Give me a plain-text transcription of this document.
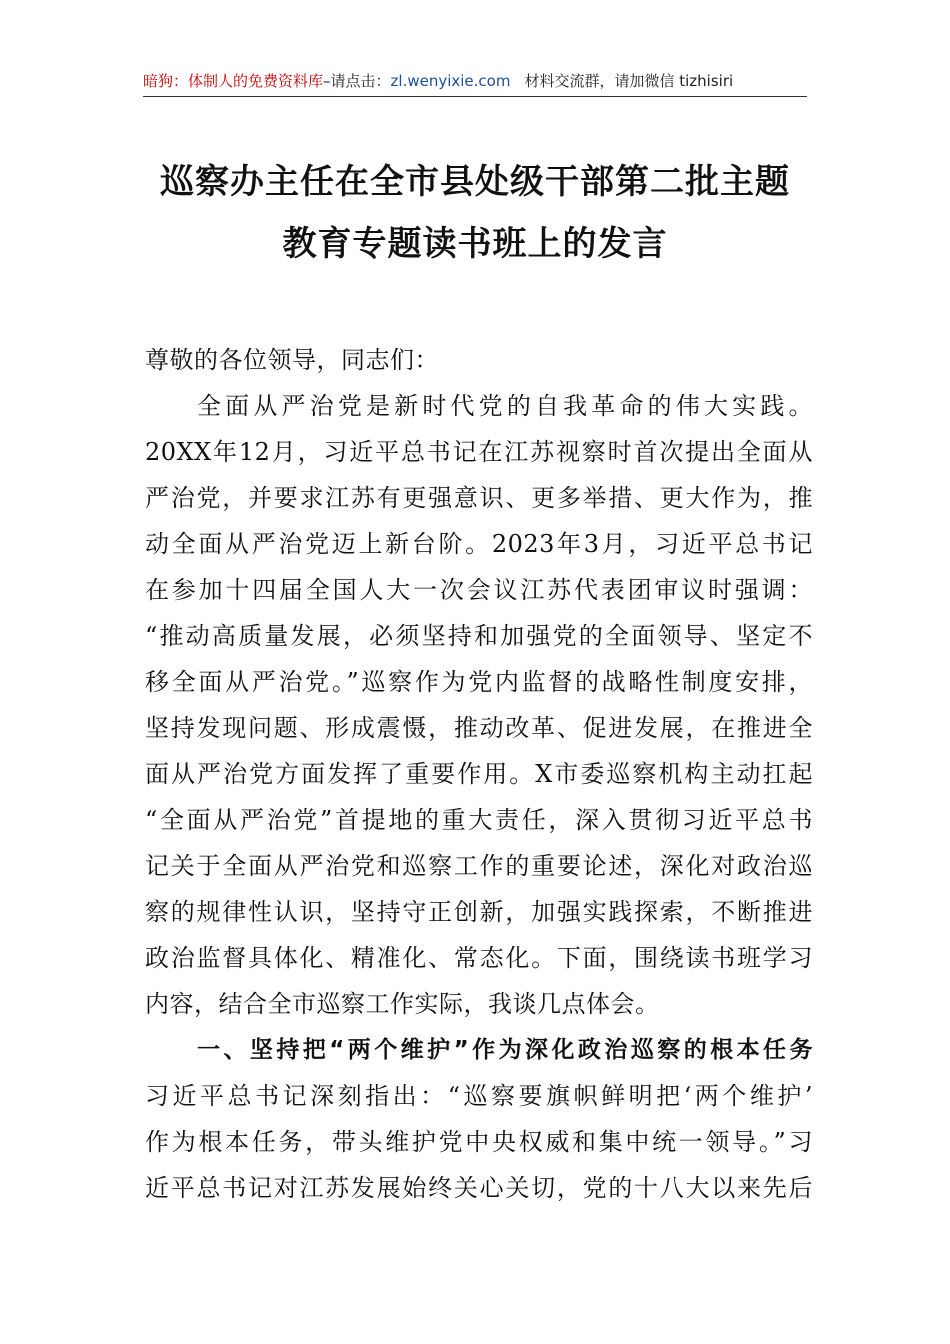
暗狗：体制人的免费资料库–请点击：zl.wenyixie.com 材料交流群，请加微信 tizhisiri
巡察办主任在全市县处级干部第二批主题
教育专题读书班上的发言
尊敬的各位领导，同志们：
全面从严治党是新时代党的自我革命的伟大实践。
20XX年12月，习近平总书记在江苏视察时首次提出全面从
严治党，并要求江苏有更强意识、更多举措、更大作为，推
动全面从严治党迈上新台阶。2023年3月，习近平总书记
在参加十四届全国人大一次会议江苏代表团审议时强调：
“推动高质量发展，必须坚持和加强党的全面领导、坚定不
移全面从严治党。”巡察作为党内监督的战略性制度安排，
坚持发现问题、形成震慑，推动改革、促进发展，在推进全
面从严治党方面发挥了重要作用。X市委巡察机构主动扛起
“全面从严治党”首提地的重大责任，深入贯彻习近平总书
记关于全面从严治党和巡察工作的重要论述，深化对政治巡
察的规律性认识，坚持守正创新，加强实践探索，不断推进
政治监督具体化、精准化、常态化。下面，围绕读书班学习
内容，结合全市巡察工作实际，我谈几点体会。
一、坚持把“两个维护”作为深化政治巡察的根本任务
习近平总书记深刻指出：“巡察要旗帜鲜明把‘两个维护’
作为根本任务，带头维护党中央权威和集中统一领导。”习
近平总书记对江苏发展始终关心关切，党的十八大以来先后
